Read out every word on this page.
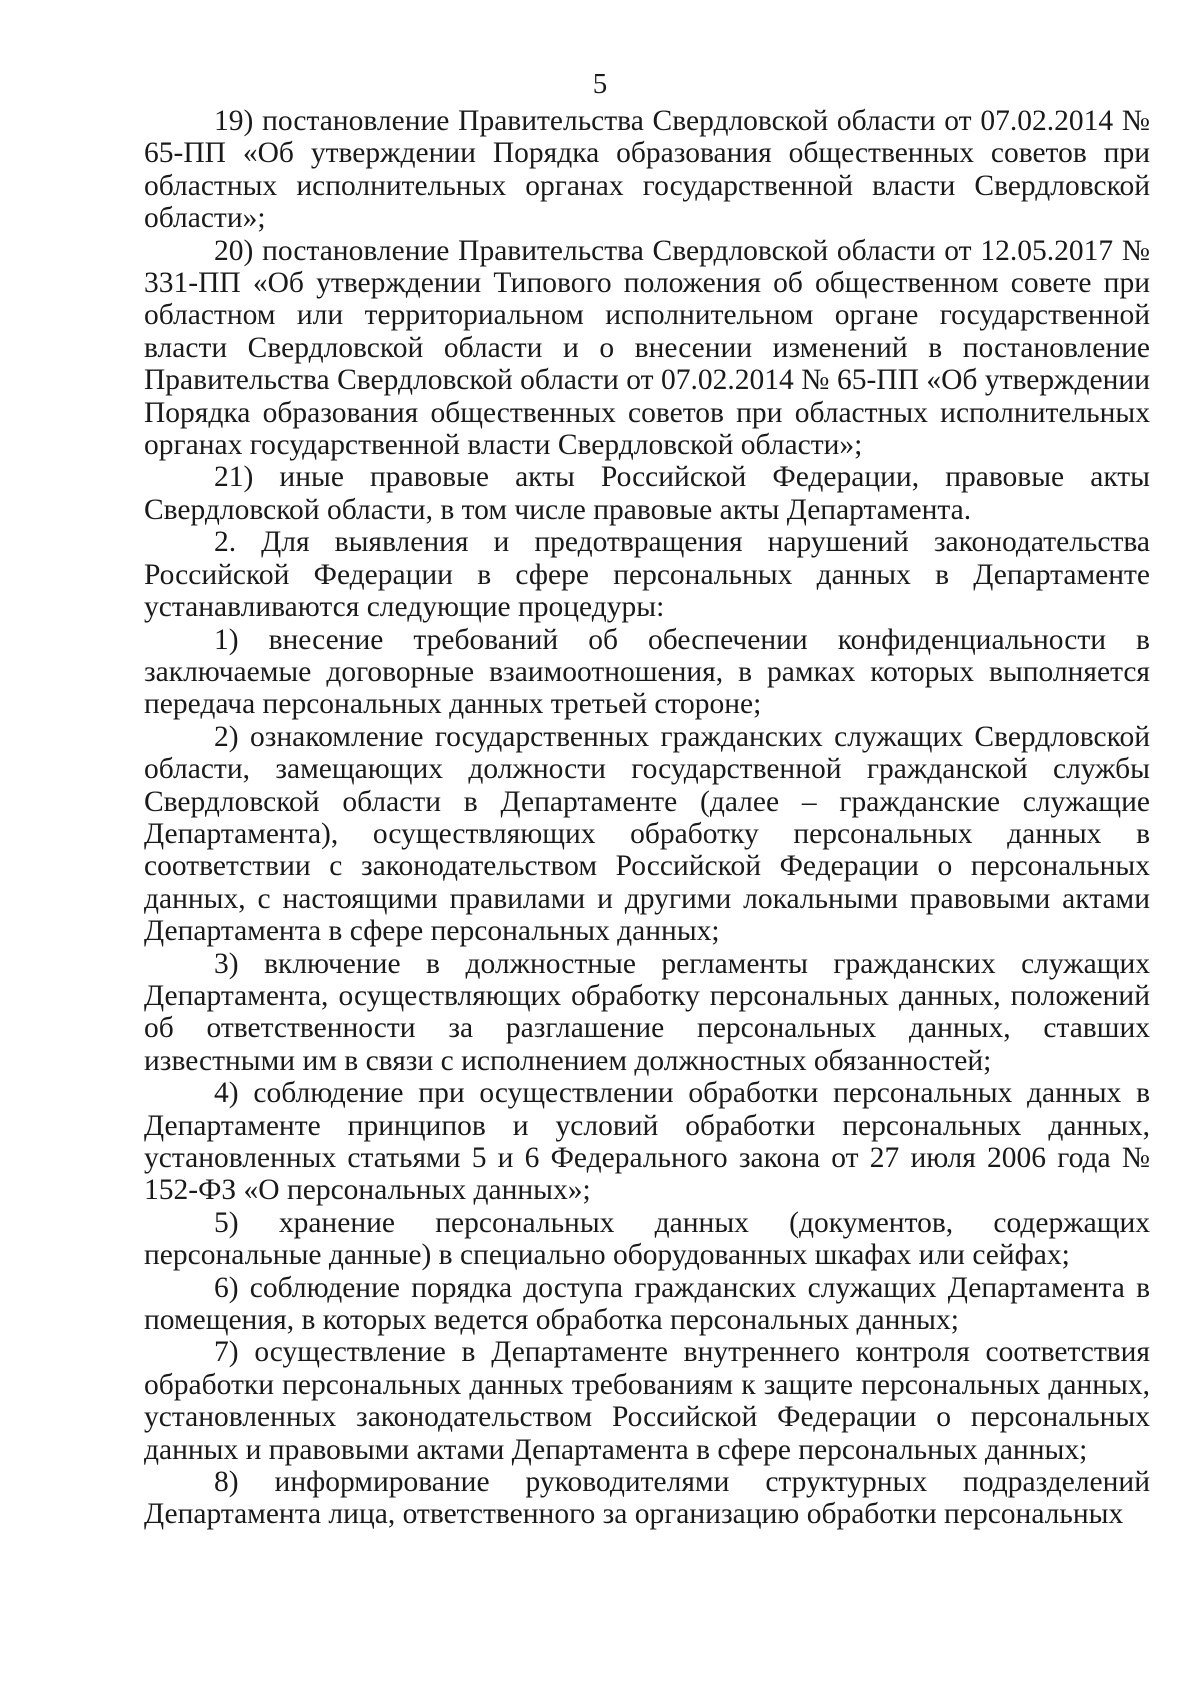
5

19) постановление Правительства Свердловской области от 07.02.2014 № 65-ПП «Об утверждении Порядка образования общественных советов при областных исполнительных органах государственной власти Свердловской области»;

20) постановление Правительства Свердловской области от 12.05.2017 № 331-ПП «Об утверждении Типового положения об общественном совете при областном или территориальном исполнительном органе государственной власти Свердловской области и о внесении изменений в постановление Правительства Свердловской области от 07.02.2014 № 65-ПП «Об утверждении Порядка образования общественных советов при областных исполнительных органах государственной власти Свердловской области»;

21) иные правовые акты Российской Федерации, правовые акты Свердловской области, в том числе правовые акты Департамента.

2. Для выявления и предотвращения нарушений законодательства Российской Федерации в сфере персональных данных в Департаменте устанавливаются следующие процедуры:

1) внесение требований об обеспечении конфиденциальности в заключаемые договорные взаимоотношения, в рамках которых выполняется передача персональных данных третьей стороне;

2) ознакомление государственных гражданских служащих Свердловской области, замещающих должности государственной гражданской службы Свердловской области в Департаменте (далее – гражданские служащие Департамента), осуществляющих обработку персональных данных в соответствии с законодательством Российской Федерации о персональных данных, с настоящими правилами и другими локальными правовыми актами Департамента в сфере персональных данных;

3) включение в должностные регламенты гражданских служащих Департамента, осуществляющих обработку персональных данных, положений об ответственности за разглашение персональных данных, ставших известными им в связи с исполнением должностных обязанностей;

4) соблюдение при осуществлении обработки персональных данных в Департаменте принципов и условий обработки персональных данных, установленных статьями 5 и 6 Федерального закона от 27 июля 2006 года № 152-ФЗ «О персональных данных»;

5) хранение персональных данных (документов, содержащих персональные данные) в специально оборудованных шкафах или сейфах;

6) соблюдение порядка доступа гражданских служащих Департамента в помещения, в которых ведется обработка персональных данных;

7) осуществление в Департаменте внутреннего контроля соответствия обработки персональных данных требованиям к защите персональных данных, установленных законодательством Российской Федерации о персональных данных и правовыми актами Департамента в сфере персональных данных;

8) информирование руководителями структурных подразделений Департамента лица, ответственного за организацию обработки персональных
